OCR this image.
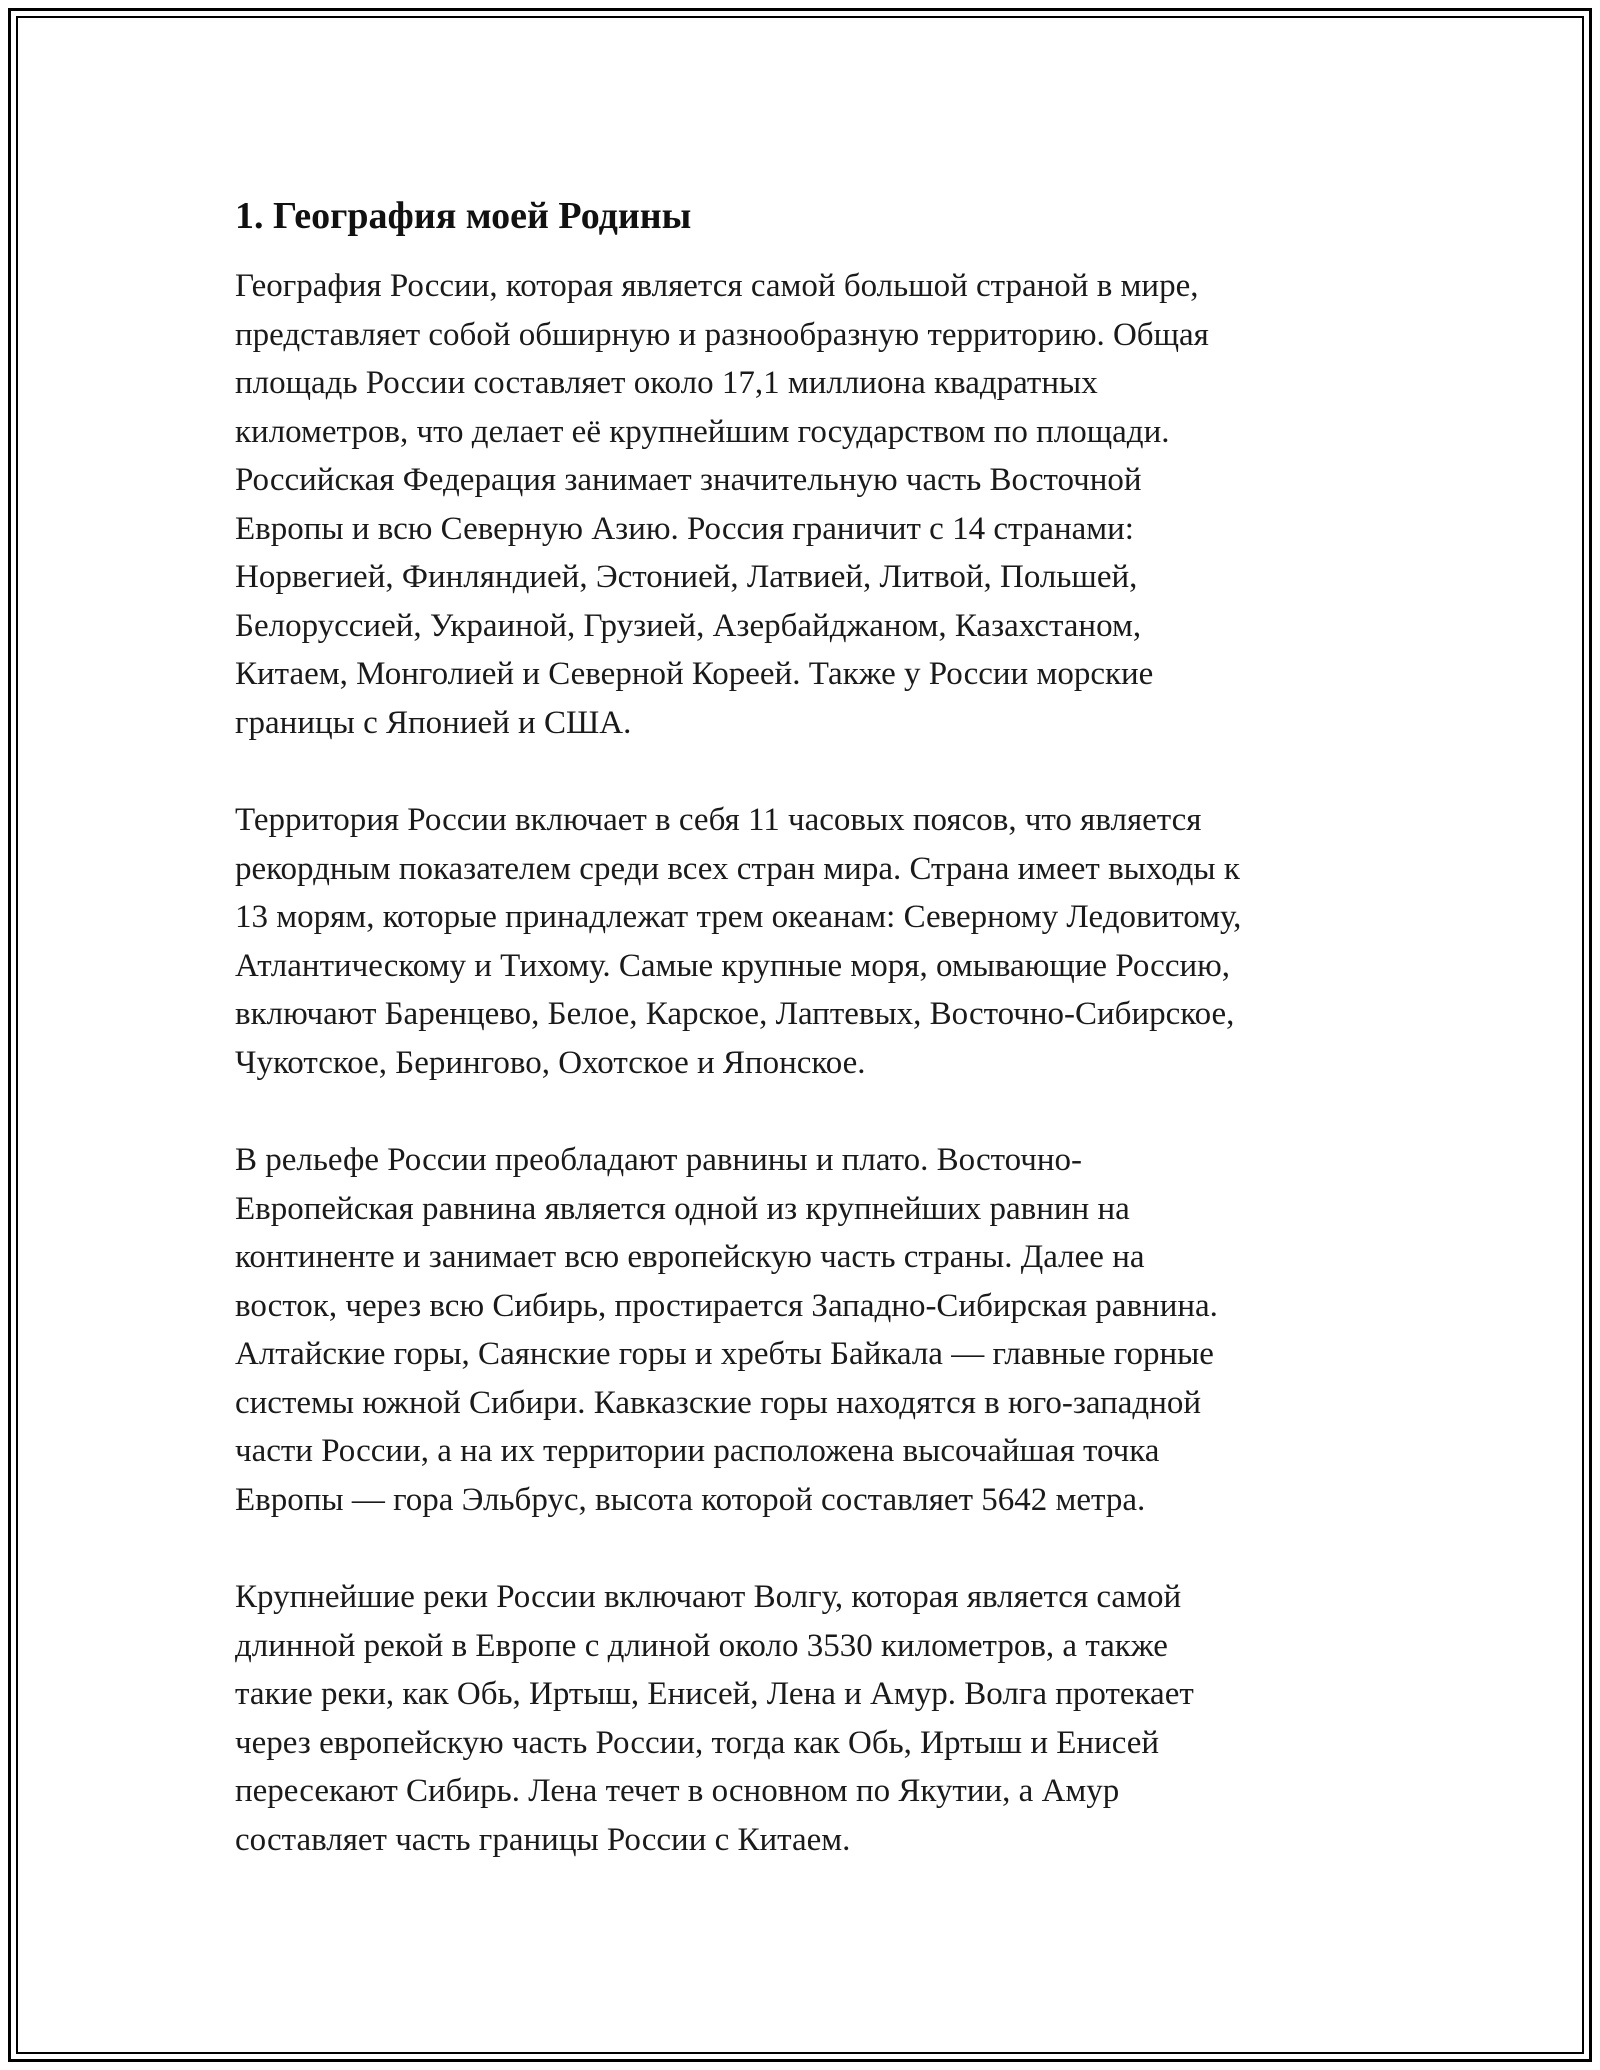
1. География моей Родины

География России, которая является самой большой страной в мире,
представляет собой обширную и разнообразную территорию. Общая
площадь России составляет около 17,1 миллиона квадратных
километров, что делает её крупнейшим государством по площади.
Российская Федерация занимает значительную часть Восточной
Европы и всю Северную Азию. Россия граничит с 14 странами:
Норвегией, Финляндией, Эстонией, Латвией, Литвой, Польшей,
Белоруссией, Украиной, Грузией, Азербайджаном, Казахстаном,
Китаем, Монголией и Северной Кореей. Также у России морские
границы с Японией и США.

Территория России включает в себя 11 часовых поясов, что является
рекордным показателем среди всех стран мира. Страна имеет выходы к
13 морям, которые принадлежат трем океанам: Северному Ледовитому,
Атлантическому и Тихому. Самые крупные моря, омывающие Россию,
включают Баренцево, Белое, Карское, Лаптевых, Восточно-Сибирское,
Чукотское, Берингово, Охотское и Японское.

В рельефе России преобладают равнины и плато. Восточно-
Европейская равнина является одной из крупнейших равнин на
континенте и занимает всю европейскую часть страны. Далее на
восток, через всю Сибирь, простирается Западно-Сибирская равнина.
Алтайские горы, Саянские горы и хребты Байкала — главные горные
системы южной Сибири. Кавказские горы находятся в юго-западной
части России, а на их территории расположена высочайшая точка
Европы — гора Эльбрус, высота которой составляет 5642 метра.

Крупнейшие реки России включают Волгу, которая является самой
длинной рекой в Европе с длиной около 3530 километров, а также
такие реки, как Обь, Иртыш, Енисей, Лена и Амур. Волга протекает
через европейскую часть России, тогда как Обь, Иртыш и Енисей
пересекают Сибирь. Лена течет в основном по Якутии, а Амур
составляет часть границы России с Китаем.
